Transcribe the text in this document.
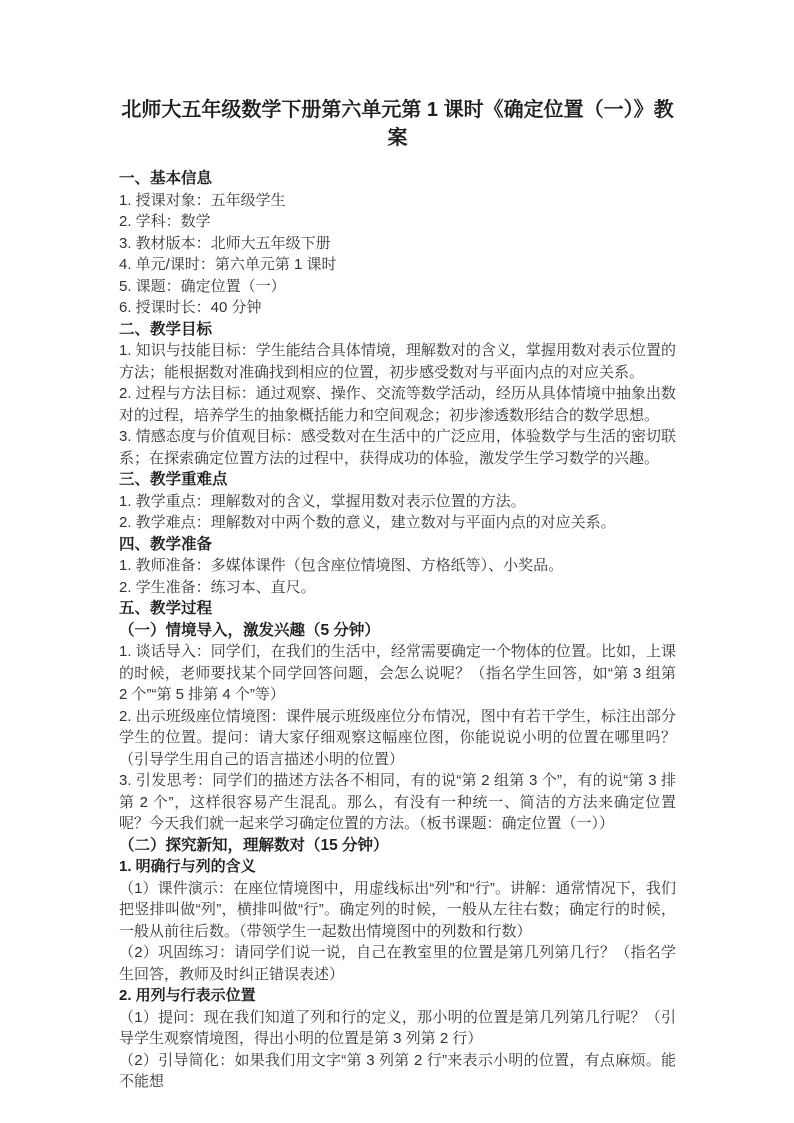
北师大五年级数学下册第六单元第 1 课时《确定位置（一）》教案
一、基本信息

1. 授课对象：五年级学生

2. 学科：数学

3. 教材版本：北师大五年级下册

4. 单元/课时：第六单元第 1 课时

5. 课题：确定位置（一）

6. 授课时长：40 分钟

二、教学目标

1. 知识与技能目标：学生能结合具体情境，理解数对的含义，掌握用数对表示位置的方法；能根据数对准确找到相应的位置，初步感受数对与平面内点的对应关系。

2. 过程与方法目标：通过观察、操作、交流等数学活动，经历从具体情境中抽象出数对的过程，培养学生的抽象概括能力和空间观念；初步渗透数形结合的数学思想。

3. 情感态度与价值观目标：感受数对在生活中的广泛应用，体验数学与生活的密切联系；在探索确定位置方法的过程中，获得成功的体验，激发学生学习数学的兴趣。

三、教学重难点

1. 教学重点：理解数对的含义，掌握用数对表示位置的方法。

2. 教学难点：理解数对中两个数的意义，建立数对与平面内点的对应关系。

四、教学准备

1. 教师准备：多媒体课件（包含座位情境图、方格纸等）、小奖品。

2. 学生准备：练习本、直尺。

五、教学过程
（一）情境导入，激发兴趣（5 分钟）

1. 谈话导入：同学们，在我们的生活中，经常需要确定一个物体的位置。比如，上课的时候，老师要找某个同学回答问题，会怎么说呢？（指名学生回答，如“第 3 组第 2 个”“第 5 排第 4 个”等）

2. 出示班级座位情境图：课件展示班级座位分布情况，图中有若干学生，标注出部分学生的位置。提问：请大家仔细观察这幅座位图，你能说说小明的位置在哪里吗？（引导学生用自己的语言描述小明的位置）

3. 引发思考：同学们的描述方法各不相同，有的说“第 2 组第 3 个”，有的说“第 3 排第 2 个”，这样很容易产生混乱。那么，有没有一种统一、简洁的方法来确定位置呢？今天我们就一起来学习确定位置的方法。（板书课题：确定位置（一））

（二）探究新知，理解数对（15 分钟）
1. 明确行与列的含义

（1）课件演示：在座位情境图中，用虚线标出“列”和“行”。讲解：通常情况下，我们把竖排叫做“列”，横排叫做“行”。确定列的时候，一般从左往右数；确定行的时候，一般从前往后数。（带领学生一起数出情境图中的列数和行数）

（2）巩固练习：请同学们说一说，自己在教室里的位置是第几列第几行？（指名学生回答，教师及时纠正错误表述）

2. 用列与行表示位置

（1）提问：现在我们知道了列和行的定义，那小明的位置是第几列第几行呢？（引导学生观察情境图，得出小明的位置是第 3 列第 2 行）

（2）引导简化：如果我们用文字“第 3 列第 2 行”来表示小明的位置，有点麻烦。能不能想
